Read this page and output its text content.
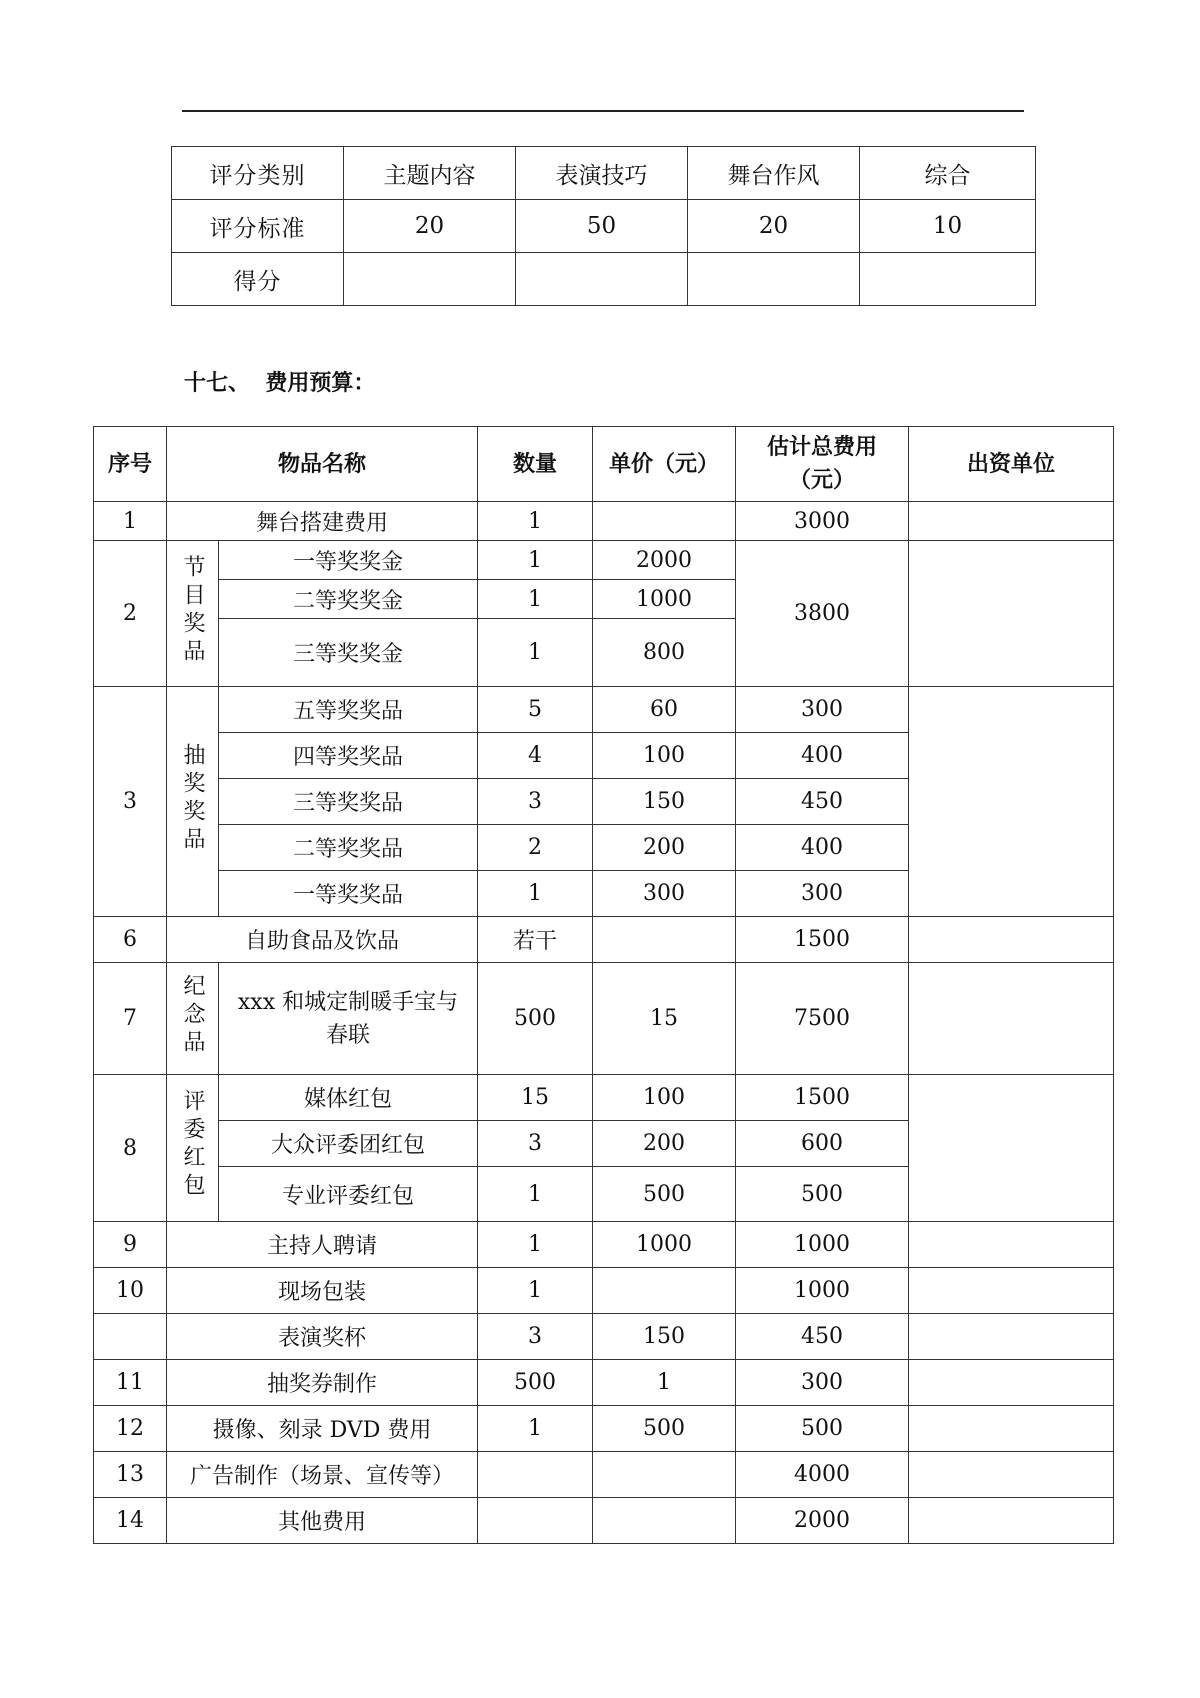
评分类别	主题内容	表演技巧	舞台作风	综合
评分标准	20	50	20	10
得分				
十七、  费用预算：
序号	物品名称		数量	单价（元）	估计总费用（元）	出资单位
1	舞台搭建费用		1		3000	
2	节目奖品	一等奖奖金	1	2000	3800	
		二等奖奖金	1	1000		
		三等奖奖金	1	800		
3	抽奖奖品	五等奖奖品	5	60	300	
		四等奖奖品	4	100	400	
		三等奖奖品	3	150	450	
		二等奖奖品	2	200	400	
		一等奖奖品	1	300	300	
6	自助食品及饮品		若干		1500	
7	纪念品	xxx 和城定制暖手宝与春联	500	15	7500	
8	评委红包	媒体红包	15	100	1500	
		大众评委团红包	3	200	600	
		专业评委红包	1	500	500	
9	主持人聘请		1	1000	1000	
10	现场包装		1		1000	
	表演奖杯		3	150	450	
11	抽奖券制作		500	1	300	
12	摄像、刻录 DVD 费用		1	500	500	
13	广告制作（场景、宣传等）				4000	
14	其他费用				2000	
